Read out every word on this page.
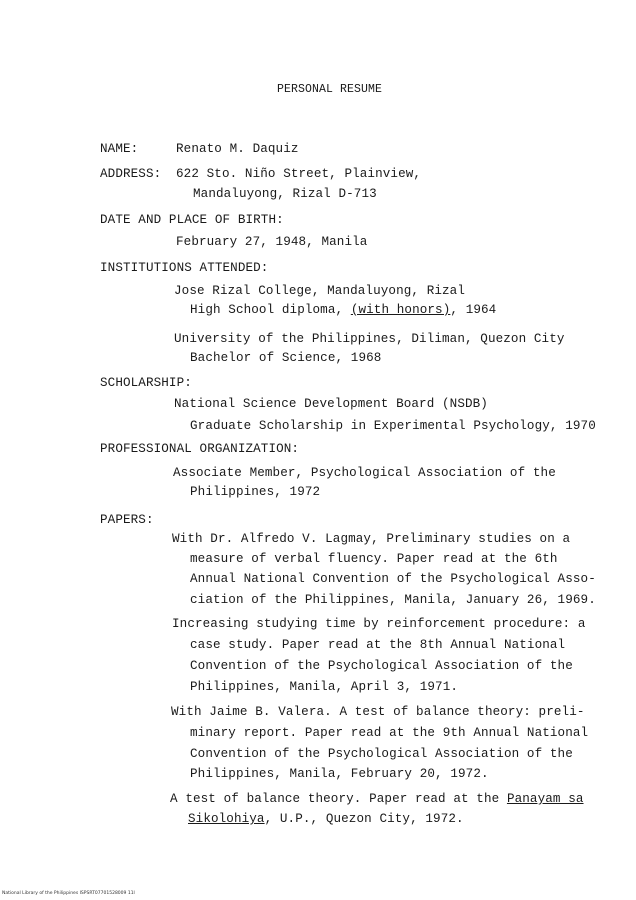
PERSONAL RESUME
NAME:	Renato M. Daquiz
ADDRESS: 622 Sto. Niño Street, Plainview,
Mandaluyong, Rizal D-713
DATE AND PLACE OF BIRTH:
February 27, 1948, Manila
INSTITUTIONS ATTENDED:
Jose Rizal College, Mandaluyong, Rizal
High School diploma, (with honors), 1964
University of the Philippines, Diliman, Quezon City
Bachelor of Science, 1968
SCHOLARSHIP:
National Science Development Board (NSDB)
Graduate Scholarship in Experimental Psychology, 1970
PROFESSIONAL ORGANIZATION:
Associate Member, Psychological Association of the
Philippines, 1972
PAPERS:
With Dr. Alfredo V. Lagmay, Preliminary studies on a
measure of verbal fluency. Paper read at the 6th
Annual National Convention of the Psychological Asso-
ciation of the Philippines, Manila, January 26, 1969.
Increasing studying time by reinforcement procedure: a
case study. Paper read at the 8th Annual National
Convention of the Psychological Association of the
Philippines, Manila, April 3, 1971.
With Jaime B. Valera. A test of balance theory: preli-
minary report. Paper read at the 9th Annual National
Convention of the Psychological Association of the
Philippines, Manila, February 20, 1972.
A test of balance theory. Paper read at the Panayam sa
Sikolohiya, U.P., Quezon City, 1972.
National Library of the Philippines ISPSRT07701528009 11l
